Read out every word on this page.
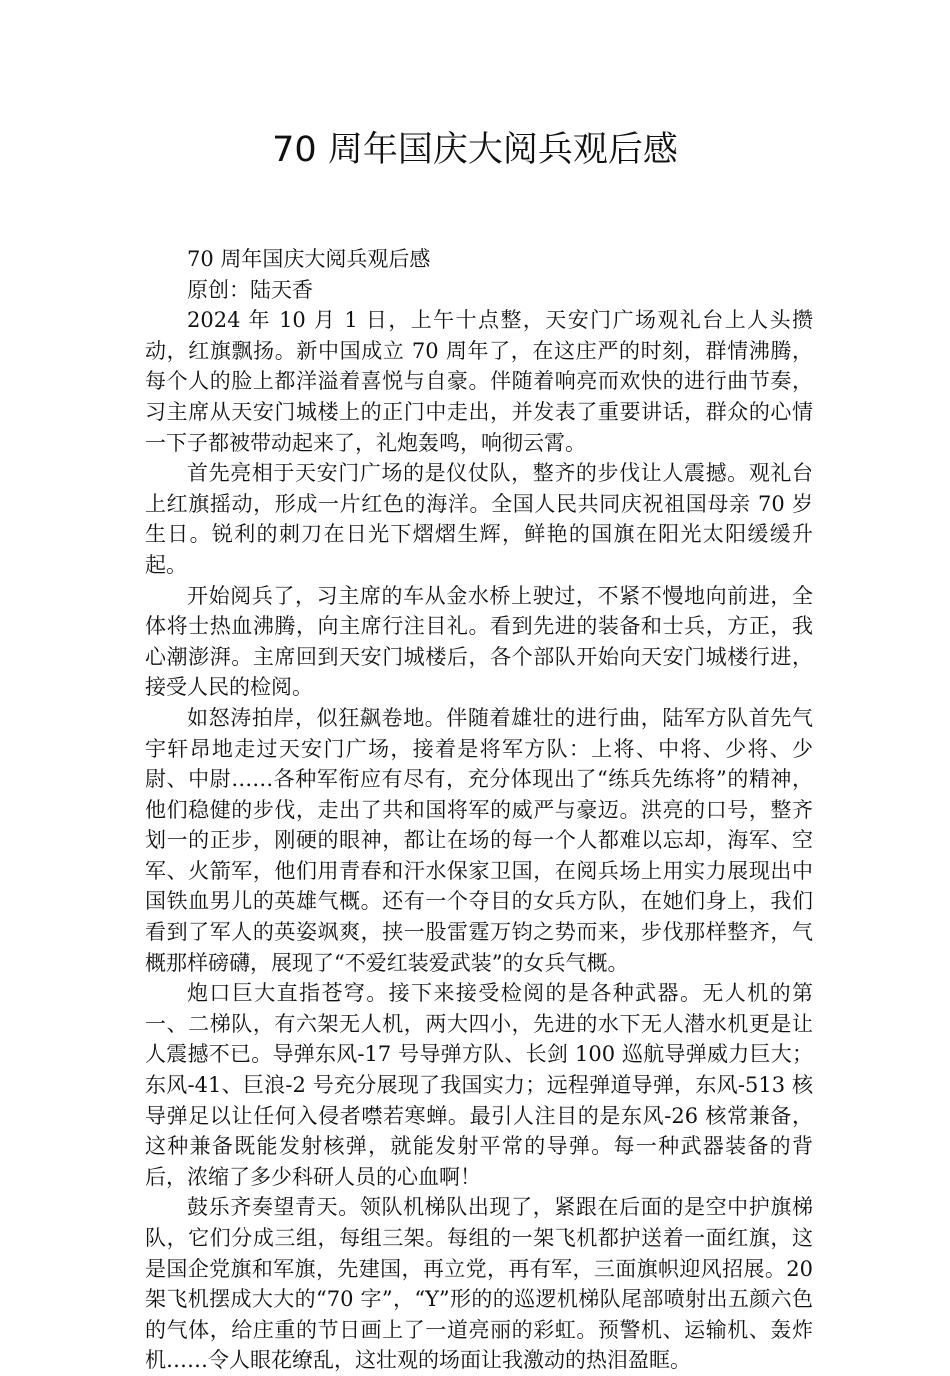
70 周年国庆大阅兵观后感

70 周年国庆大阅兵观后感

原创：陆天香

2024 年 10 月 1 日，上午十点整，天安门广场观礼台上人头攒动，红旗飘扬。新中国成立 70 周年了，在这庄严的时刻，群情沸腾，每个人的脸上都洋溢着喜悦与自豪。伴随着响亮而欢快的进行曲节奏，习主席从天安门城楼上的正门中走出，并发表了重要讲话，群众的心情一下子都被带动起来了，礼炮轰鸣，响彻云霄。

首先亮相于天安门广场的是仪仗队，整齐的步伐让人震撼。观礼台上红旗摇动，形成一片红色的海洋。全国人民共同庆祝祖国母亲 70 岁生日。锐利的刺刀在日光下熠熠生辉，鲜艳的国旗在阳光太阳缓缓升起。

开始阅兵了，习主席的车从金水桥上驶过，不紧不慢地向前进，全体将士热血沸腾，向主席行注目礼。看到先进的装备和士兵，方正，我心潮澎湃。主席回到天安门城楼后，各个部队开始向天安门城楼行进，接受人民的检阅。

如怒涛拍岸，似狂飙卷地。伴随着雄壮的进行曲，陆军方队首先气宇轩昂地走过天安门广场，接着是将军方队：上将、中将、少将、少尉、中尉……各种军衔应有尽有，充分体现出了“练兵先练将”的精神，他们稳健的步伐，走出了共和国将军的威严与豪迈。洪亮的口号，整齐划一的正步，刚硬的眼神，都让在场的每一个人都难以忘却，海军、空军、火箭军，他们用青春和汗水保家卫国，在阅兵场上用实力展现出中国铁血男儿的英雄气概。还有一个夺目的女兵方队，在她们身上，我们看到了军人的英姿飒爽，挟一股雷霆万钧之势而来，步伐那样整齐，气概那样磅礴，展现了“不爱红装爱武装”的女兵气概。

炮口巨大直指苍穹。接下来接受检阅的是各种武器。无人机的第一、二梯队，有六架无人机，两大四小，先进的水下无人潜水机更是让人震撼不已。导弹东风-17 号导弹方队、长剑 100 巡航导弹威力巨大；东风-41、巨浪-2 号充分展现了我国实力；远程弹道导弹，东风-513 核导弹足以让任何入侵者噤若寒蝉。最引人注目的是东风-26 核常兼备，这种兼备既能发射核弹，就能发射平常的导弹。每一种武器装备的背后，浓缩了多少科研人员的心血啊！

鼓乐齐奏望青天。领队机梯队出现了，紧跟在后面的是空中护旗梯队，它们分成三组，每组三架。每组的一架飞机都护送着一面红旗，这是国企党旗和军旗，先建国，再立党，再有军，三面旗帜迎风招展。20 架飞机摆成大大的“70 字”，“Y”形的的巡逻机梯队尾部喷射出五颜六色的气体，给庄重的节日画上了一道亮丽的彩虹。预警机、运输机、轰炸机……令人眼花缭乱，这壮观的场面让我激动的热泪盈眶。
